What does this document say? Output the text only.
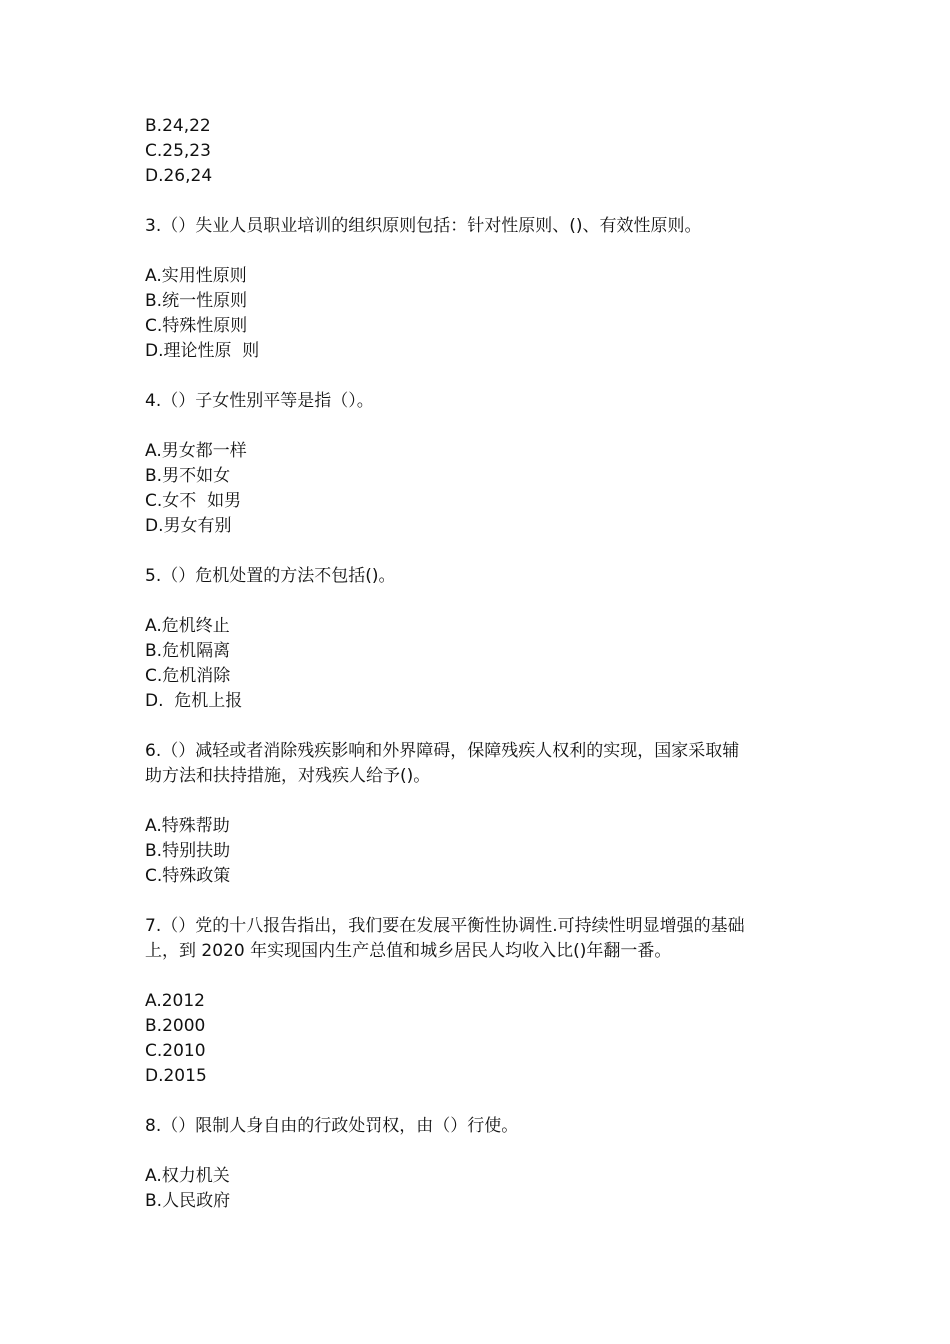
B.24,22
C.25,23
D.26,24
3.（）失业人员职业培训的组织原则包括：针对性原则、()、有效性原则。
A.实用性原则
B.统一性原则
C.特殊性原则
D.理论性原  则
4.（）子女性别平等是指（）。
A.男女都一样
B.男不如女
C.女不  如男
D.男女有别
5.（）危机处置的方法不包括()。
A.危机终止
B.危机隔离
C.危机消除
D.  危机上报
6.（）减轻或者消除残疾影响和外界障碍，保障残疾人权利的实现，国家采取辅
助方法和扶持措施，对残疾人给予()。
A.特殊帮助
B.特别扶助
C.特殊政策
7.（）党的十八报告指出，我们要在发展平衡性协调性.可持续性明显增强的基础
上，到 2020 年实现国内生产总值和城乡居民人均收入比()年翻一番。
A.2012
B.2000
C.2010
D.2015
8.（）限制人身自由的行政处罚权，由（）行使。
A.权力机关
B.人民政府
